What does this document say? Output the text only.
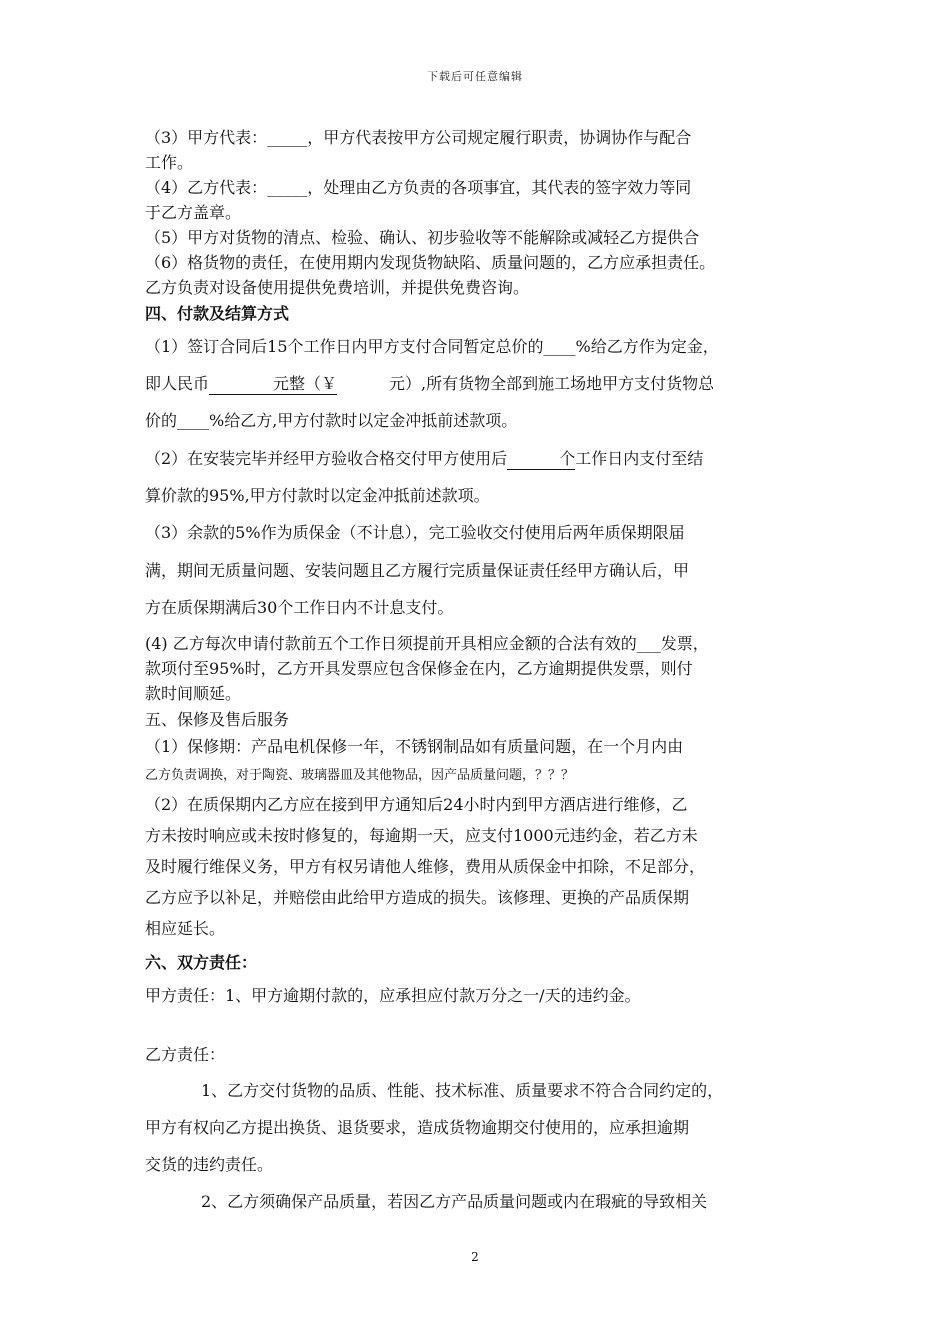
下载后可任意编辑
（3）甲方代表：_____，甲方代表按甲方公司规定履行职责，协调协作与配合
工作。
（4）乙方代表：_____，处理由乙方负责的各项事宜，其代表的签字效力等同
于乙方盖章。
（5）甲方对货物的清点、检验、确认、初步验收等不能解除或减轻乙方提供合
（6）格货物的责任，在使用期内发现货物缺陷、质量问题的，乙方应承担责任。
乙方负责对设备使用提供免费培训，并提供免费咨询。
四、付款及结算方式
（1）签订合同后15个工作日内甲方支付合同暂定总价的____%给乙方作为定金，
即人民币	元整（￥	元）,所有货物全部到施工场地甲方支付货物总
价的____%给乙方,甲方付款时以定金冲抵前述款项。
（2）在安装完毕并经甲方验收合格交付甲方使用后	个工作日内支付至结
算价款的95%,甲方付款时以定金冲抵前述款项。
（3）余款的5%作为质保金（不计息），完工验收交付使用后两年质保期限届
满，期间无质量问题、安装问题且乙方履行完质量保证责任经甲方确认后，甲
方在质保期满后30个工作日内不计息支付。
(4) 乙方每次申请付款前五个工作日须提前开具相应金额的合法有效的___发票，
款项付至95%时，乙方开具发票应包含保修金在内，乙方逾期提供发票，则付
款时间顺延。
五、保修及售后服务
（1）保修期：产品电机保修一年，不锈钢制品如有质量问题，在一个月内由
乙方负责调换，对于陶瓷、玻璃器皿及其他物品，因产品质量问题，？？？
（2）在质保期内乙方应在接到甲方通知后24小时内到甲方酒店进行维修，乙
方未按时响应或未按时修复的，每逾期一天，应支付1000元违约金，若乙方未
及时履行维保义务，甲方有权另请他人维修，费用从质保金中扣除，不足部分，
乙方应予以补足，并赔偿由此给甲方造成的损失。该修理、更换的产品质保期
相应延长。
六、双方责任：
甲方责任：1、甲方逾期付款的，应承担应付款万分之一/天的违约金。
乙方责任：
1、乙方交付货物的品质、性能、技术标准、质量要求不符合合同约定的，
甲方有权向乙方提出换货、退货要求，造成货物逾期交付使用的，应承担逾期
交货的违约责任。
2、乙方须确保产品质量，若因乙方产品质量问题或内在瑕疵的导致相关
2
